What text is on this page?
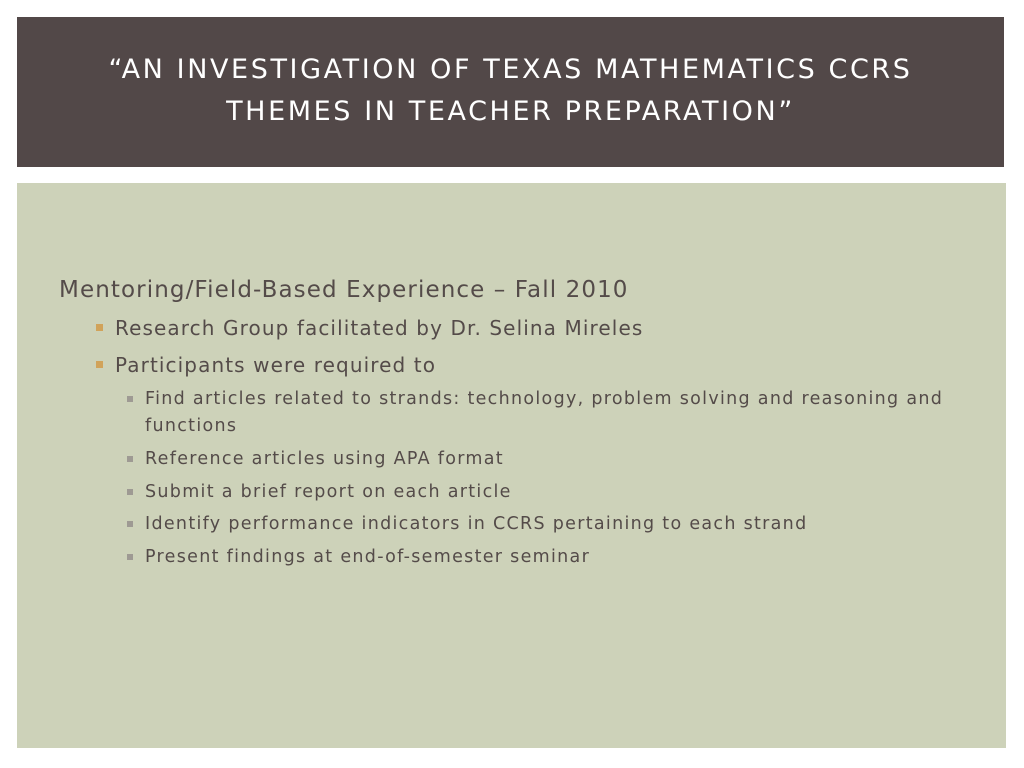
“AN INVESTIGATION OF TEXAS MATHEMATICS CCRS THEMES IN TEACHER PREPARATION”

Mentoring/Field-Based Experience – Fall 2010

Research Group facilitated by Dr. Selina Mireles

Participants were required to

Find articles related to strands: technology, problem solving and reasoning and functions

Reference articles using APA format

Submit a brief report on each article

Identify performance indicators in CCRS pertaining to each strand

Present findings at end-of-semester seminar
